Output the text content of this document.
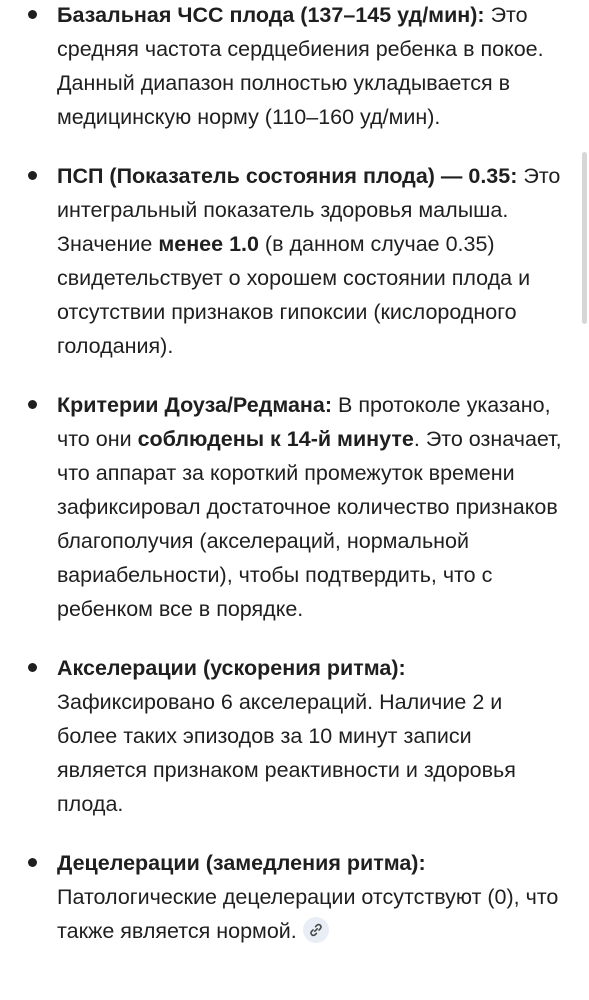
Базальная ЧСС плода (137–145 уд/мин): Это средняя частота сердцебиения ребенка в покое. Данный диапазон полностью укладывается в медицинскую норму (110–160 уд/мин).
ПСП (Показатель состояния плода) — 0.35: Это интегральный показатель здоровья малыша. Значение менее 1.0 (в данном случае 0.35) свидетельствует о хорошем состоянии плода и отсутствии признаков гипоксии (кислородного голодания).
Критерии Доуза/Редмана: В протоколе указано, что они соблюдены к 14-й минуте. Это означает, что аппарат за короткий промежуток времени зафиксировал достаточное количество признаков благополучия (акселераций, нормальной вариабельности), чтобы подтвердить, что с ребенком все в порядке.
Акселерации (ускорения ритма): Зафиксировано 6 акселераций. Наличие 2 и более таких эпизодов за 10 минут записи является признаком реактивности и здоровья плода.
Децелерации (замедления ритма): Патологические децелерации отсутствуют (0), что также является нормой.
